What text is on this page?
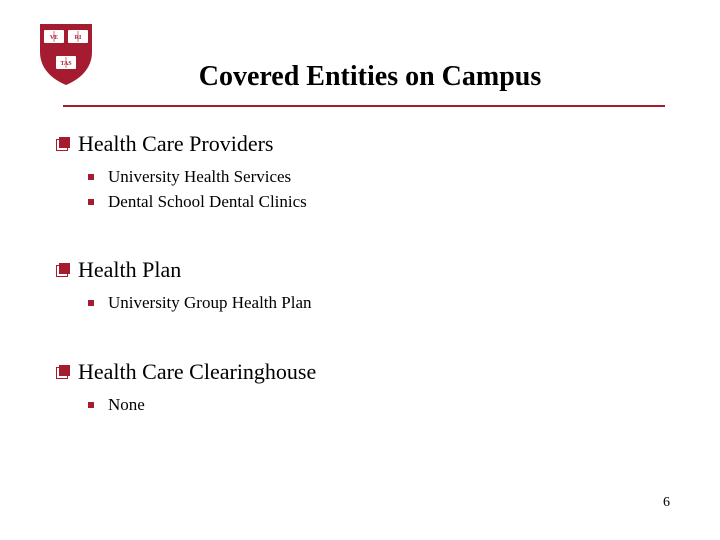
VE	RI
TAS	Covered Entities on Campus
Health Care Providers
University Health Services
Dental School Dental Clinics
Health Plan
University Group Health Plan
Health Care Clearinghouse
None
6
